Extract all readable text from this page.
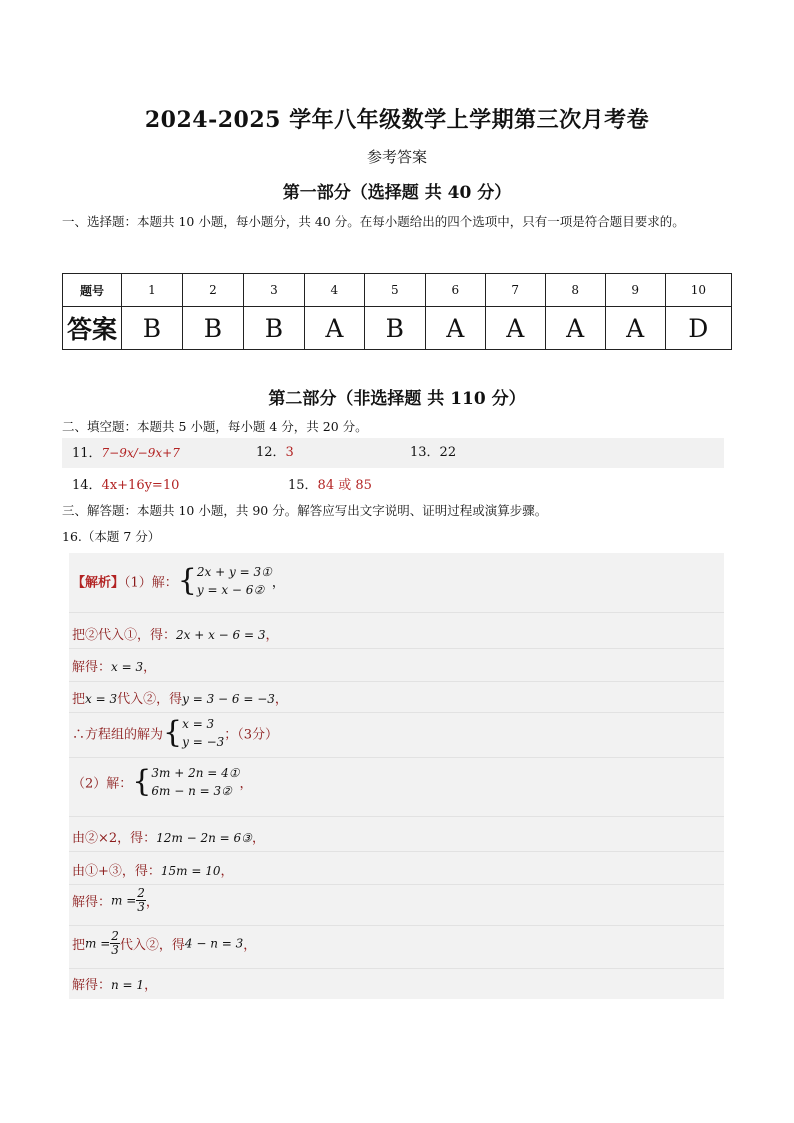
2024-2025 学年八年级数学上学期第三次月考卷
参考答案
第一部分（选择题 共 40 分）
一、选择题：本题共 10 小题，每小题分，共 40 分。在每小题给出的四个选项中，只有一项是符合题目要求的。
题号	1	2	3	4	5	6	7	8	9	10
答案	B	B	B	A	B	A	A	A	A	D
第二部分（非选择题 共 110 分）
二、填空题：本题共 5 小题，每小题 4 分，共 20 分。
11．7−9x/−9x+7	12．3	13．22
14．4x+16y=10	15．84 或 85
三、解答题：本题共 10 小题，共 90 分。解答应写出文字说明、证明过程或演算步骤。
16.（本题 7 分）
【解析】（1）解：{ 2x + y = 3①
y = x − 6② ，
把②代入①，得：2x + x − 6 = 3，
解得：x = 3，
把x = 3代入②，得y = 3 − 6 = −3，
∴方程组的解为{ x = 3
y = −3 ；（3分）
（2）解：{ 3m + 2n = 4①
6m − n = 3② ，
由②×2，得：12m − 2n = 6③，
由①+③，得：15m = 10，
解得：$m = \frac{2}{3}$ ，
把$m = \frac{2}{3}$ 代入②，得4 − n = 3，
解得：n = 1，
